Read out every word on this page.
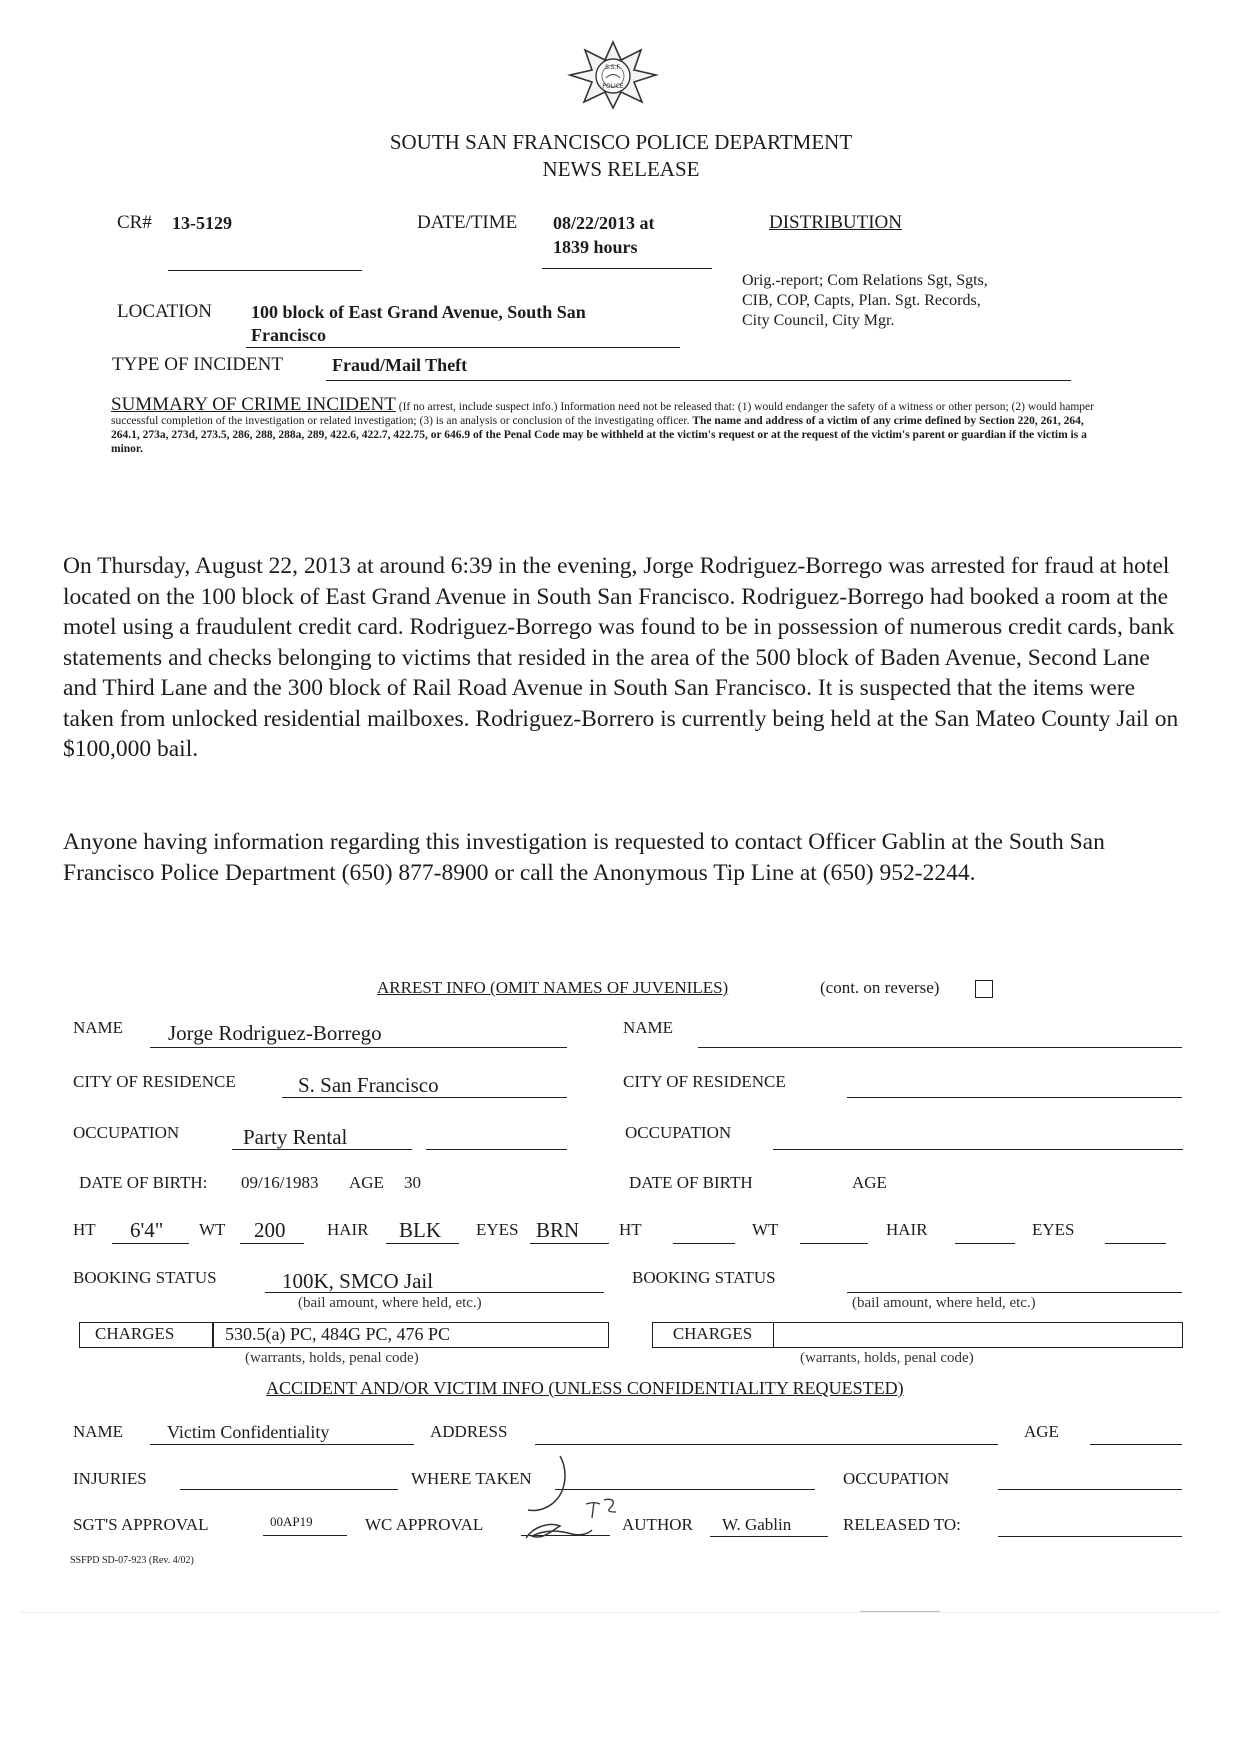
S.S.F.
POLICE
SOUTH SAN FRANCISCO POLICE DEPARTMENT
NEWS RELEASE
CR# 13-5129	DATE/TIME 08/22/2013 at
1839 hours
DISTRIBUTION
Orig.-report; Com Relations Sgt, Sgts,
CIB, COP, Capts, Plan. Sgt. Records,
City Council, City Mgr.
LOCATION 100 block of East Grand Avenue, South San
Francisco
TYPE OF INCIDENT	Fraud/Mail Theft
SUMMARY OF CRIME INCIDENT (If no arrest, include suspect info.) Information need not be released that: (1) would endanger the safety of a witness or other person; (2) would hamper successful completion of the investigation or related investigation; (3) is an analysis or conclusion of the investigating officer. The name and address of a victim of any crime defined by Section 220, 261, 264, 264.1, 273a, 273d, 273.5, 286, 288, 288a, 289, 422.6, 422.7, 422.75, or 646.9 of the Penal Code may be withheld at the victim's request or at the request of the victim's parent or guardian if the victim is a minor.
On Thursday, August 22, 2013 at around 6:39 in the evening, Jorge Rodriguez-Borrego was arrested for fraud at hotel located on the 100 block of East Grand Avenue in South San Francisco. Rodriguez-Borrego had booked a room at the motel using a fraudulent credit card. Rodriguez-Borrego was found to be in possession of numerous credit cards, bank statements and checks belonging to victims that resided in the area of the 500 block of Baden Avenue, Second Lane and Third Lane and the 300 block of Rail Road Avenue in South San Francisco. It is suspected that the items were taken from unlocked residential mailboxes. Rodriguez-Borrero is currently being held at the San Mateo County Jail on $100,000 bail.
Anyone having information regarding this investigation is requested to contact Officer Gablin at the South San Francisco Police Department (650) 877-8900 or call the Anonymous Tip Line at (650) 952-2244.
ARREST INFO (OMIT NAMES OF JUVENILES)	(cont. on reverse)
NAME Jorge Rodriguez-Borrego	NAME
CITY OF RESIDENCE	S. San Francisco	CITY OF RESIDENCE
OCCUPATION	Party Rental	OCCUPATION
DATE OF BIRTH: 09/16/1983 AGE 30	DATE OF BIRTH	AGE
HT 6'4" WT 200 HAIR BLK EYES BRN HT	WT	HAIR	EYES
BOOKING STATUS	100K, SMCO Jail
(bail amount, where held, etc.)
BOOKING STATUS
(bail amount, where held, etc.)
CHARGES	530.5(a) PC, 484G PC, 476 PC
(warrants, holds, penal code)
CHARGES
(warrants, holds, penal code)
ACCIDENT AND/OR VICTIM INFO (UNLESS CONFIDENTIALITY REQUESTED)
NAME Victim Confidentiality	ADDRESS	AGE
INJURIES	WHERE TAKEN	OCCUPATION
SGT'S APPROVAL	00AP19	WC APPROVAL	AUTHOR W. Gablin	RELEASED TO:
SSFPD SD-07-923 (Rev. 4/02)
